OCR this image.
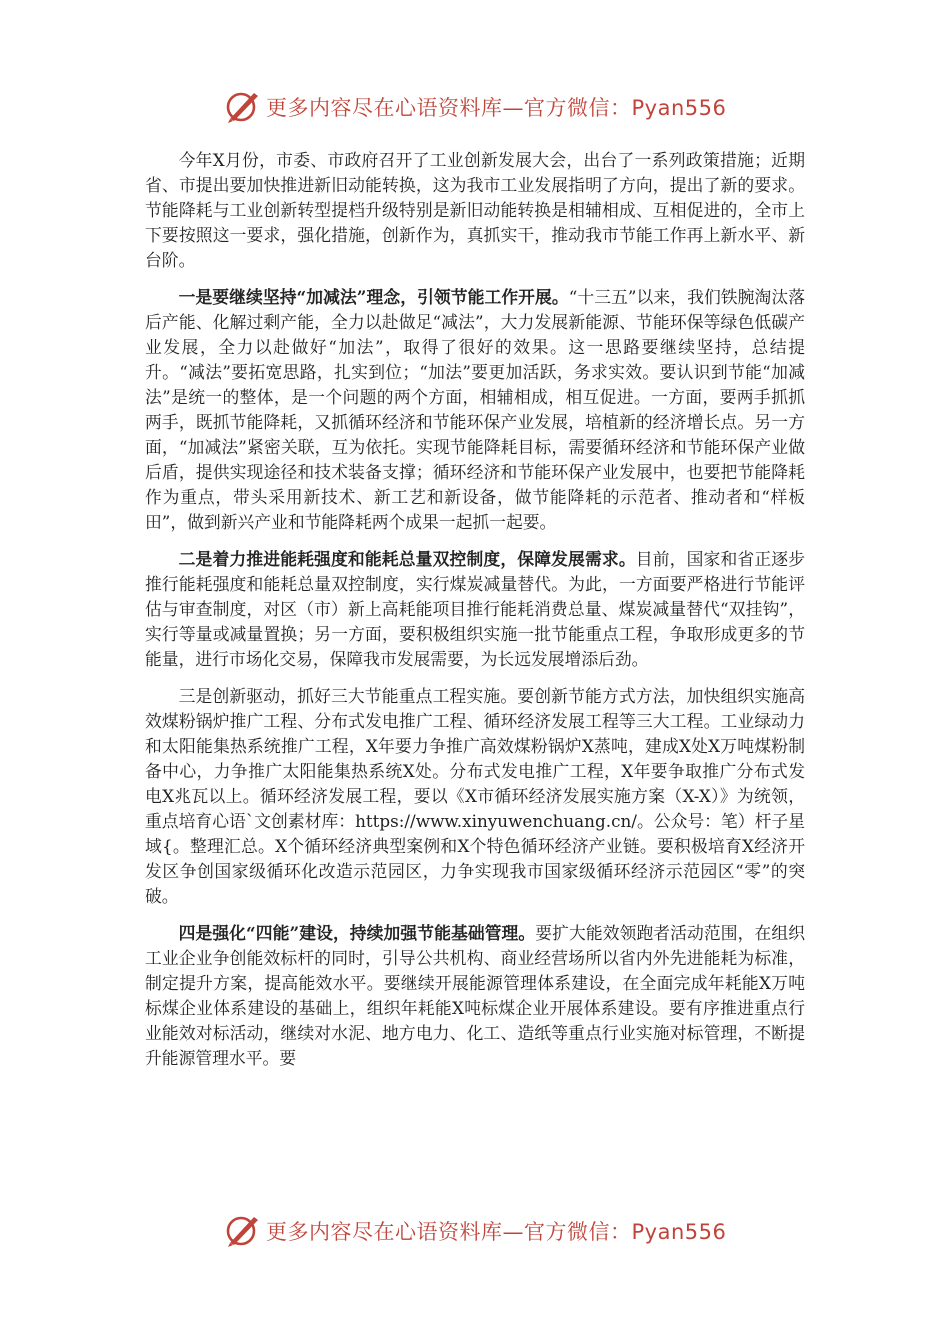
更多内容尽在心语资料库—官方微信：Pyan556

今年X月份，市委、市政府召开了工业创新发展大会，出台了一系列政策措施；近期省、市提出要加快推进新旧动能转换，这为我市工业发展指明了方向，提出了新的要求。节能降耗与工业创新转型提档升级特别是新旧动能转换是相辅相成、互相促进的，全市上下要按照这一要求，强化措施，创新作为，真抓实干，推动我市节能工作再上新水平、新台阶。

一是要继续坚持“加减法”理念，引领节能工作开展。“十三五”以来，我们铁腕淘汰落后产能、化解过剩产能，全力以赴做足“减法”，大力发展新能源、节能环保等绿色低碳产业发展，全力以赴做好“加法”，取得了很好的效果。这一思路要继续坚持，总结提升。“减法”要拓宽思路，扎实到位；“加法”要更加活跃，务求实效。要认识到节能“加减法”是统一的整体，是一个问题的两个方面，相辅相成，相互促进。一方面，要两手抓抓两手，既抓节能降耗，又抓循环经济和节能环保产业发展，培植新的经济增长点。另一方面，“加减法”紧密关联，互为依托。实现节能降耗目标，需要循环经济和节能环保产业做后盾，提供实现途径和技术装备支撑；循环经济和节能环保产业发展中，也要把节能降耗作为重点，带头采用新技术、新工艺和新设备，做节能降耗的示范者、推动者和“样板田”，做到新兴产业和节能降耗两个成果一起抓一起要。

二是着力推进能耗强度和能耗总量双控制度，保障发展需求。目前，国家和省正逐步推行能耗强度和能耗总量双控制度，实行煤炭减量替代。为此，一方面要严格进行节能评估与审查制度，对区（市）新上高耗能项目推行能耗消费总量、煤炭减量替代“双挂钩”，实行等量或减量置换；另一方面，要积极组织实施一批节能重点工程，争取形成更多的节能量，进行市场化交易，保障我市发展需要，为长远发展增添后劲。

三是创新驱动，抓好三大节能重点工程实施。要创新节能方式方法，加快组织实施高效煤粉锅炉推广工程、分布式发电推广工程、循环经济发展工程等三大工程。工业绿动力和太阳能集热系统推广工程，X年要力争推广高效煤粉锅炉X蒸吨，建成X处X万吨煤粉制备中心，力争推广太阳能集热系统X处。分布式发电推广工程，X年要争取推广分布式发电X兆瓦以上。循环经济发展工程，要以《X市循环经济发展实施方案（X-X）》为统领，重点培育心语`文创素材库：https://www.xinyuwenchuang.cn/。公众号：笔）杆子星域{。整理汇总。X个循环经济典型案例和X个特色循环经济产业链。要积极培育X经济开发区争创国家级循环化改造示范园区，力争实现我市国家级循环经济示范园区“零”的突破。

四是强化“四能”建设，持续加强节能基础管理。要扩大能效领跑者活动范围，在组织工业企业争创能效标杆的同时，引导公共机构、商业经营场所以省内外先进能耗为标准，制定提升方案，提高能效水平。要继续开展能源管理体系建设，在全面完成年耗能X万吨标煤企业体系建设的基础上，组织年耗能X吨标煤企业开展体系建设。要有序推进重点行业能效对标活动，继续对水泥、地方电力、化工、造纸等重点行业实施对标管理，不断提升能源管理水平。要

更多内容尽在心语资料库—官方微信：Pyan556
